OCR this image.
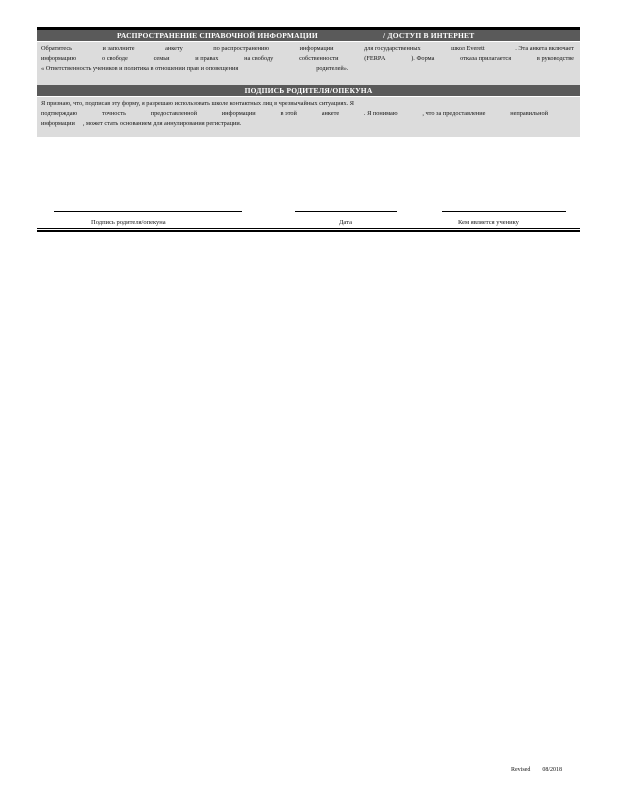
РАСПРОСТРАНЕНИЕ СПРАВОЧНОЙ ИНФОРМАЦИИ	/ ДОСТУП В ИНТЕРНЕТ
Обратитесь	и заполните	анкету	по распространению	информации	для государственных	школ Everett	. Эта анкета включает
информацию	о свободе	семьи	и правах	на свободу	собственности	(FERPA	). Форма	отказа прилагается	в руководстве
« Ответственность учеников и политика в отношении прав и оповещения	родителей».
ПОДПИСЬ РОДИТЕЛЯ/ОПЕКУНА
Я признаю, что, подписав эту форму, я разрешаю использовать школе контактных лиц в чрезвычайных ситуациях. Я
подтверждаю	точность	предоставленной	информации	в этой	анкете	. Я понимаю	, что за предоставление	неправильной
информации , может стать основанием для аннулирования регистрации.
Подпись родителя/опекуна	Дата	Кем является ученику
Revised 08/2018
